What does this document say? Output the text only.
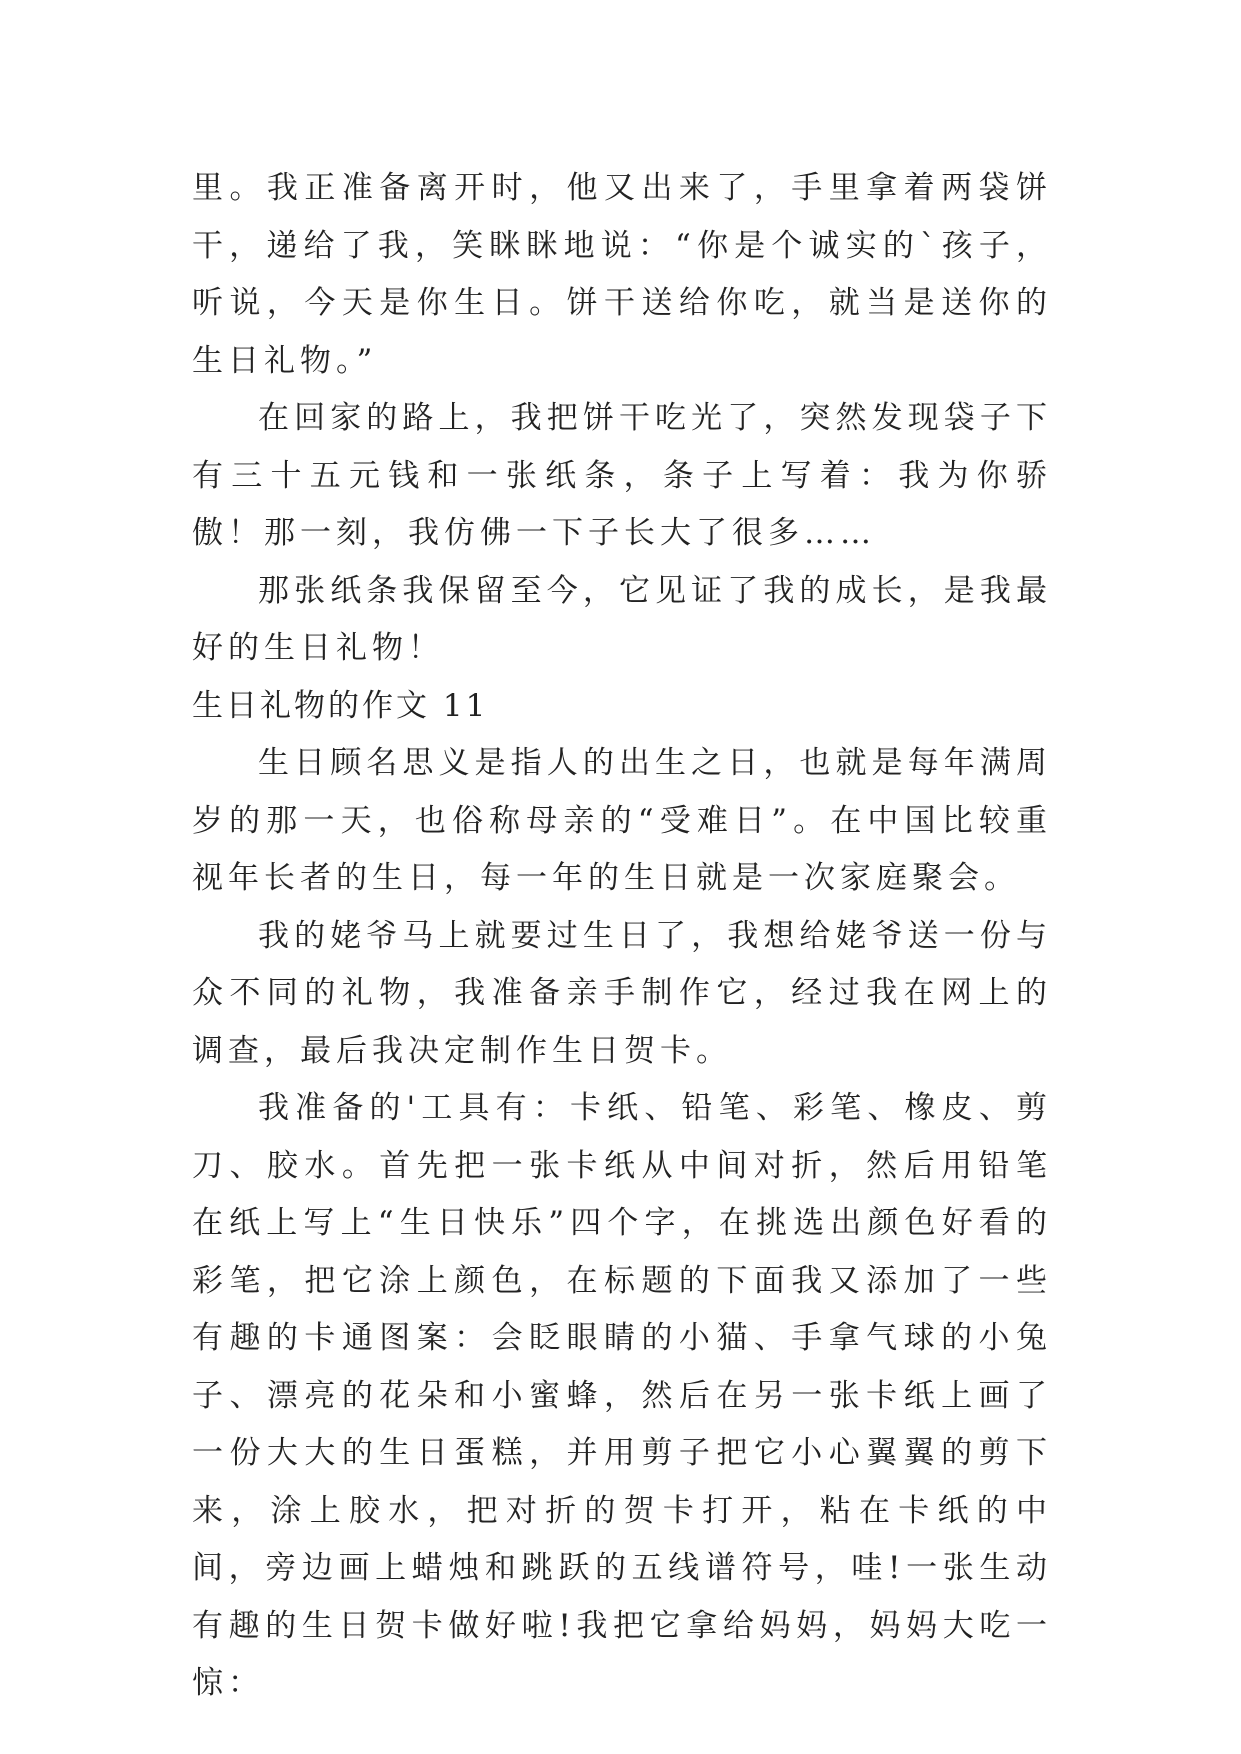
里。我正准备离开时，他又出来了，手里拿着两袋饼干，递给了我，笑眯眯地说：“你是个诚实的`孩子，听说，今天是你生日。饼干送给你吃，就当是送你的生日礼物。”

在回家的路上，我把饼干吃光了，突然发现袋子下有三十五元钱和一张纸条，条子上写着：我为你骄傲！那一刻，我仿佛一下子长大了很多……

那张纸条我保留至今，它见证了我的成长，是我最好的生日礼物！

生日礼物的作文 11

生日顾名思义是指人的出生之日，也就是每年满周岁的那一天，也俗称母亲的“受难日”。在中国比较重视年长者的生日，每一年的生日就是一次家庭聚会。

我的姥爷马上就要过生日了，我想给姥爷送一份与众不同的礼物，我准备亲手制作它，经过我在网上的调查，最后我决定制作生日贺卡。

我准备的'工具有：卡纸、铅笔、彩笔、橡皮、剪刀、胶水。首先把一张卡纸从中间对折，然后用铅笔在纸上写上“生日快乐”四个字，在挑选出颜色好看的彩笔，把它涂上颜色，在标题的下面我又添加了一些有趣的卡通图案：会眨眼睛的小猫、手拿气球的小兔子、漂亮的花朵和小蜜蜂，然后在另一张卡纸上画了一份大大的生日蛋糕，并用剪子把它小心翼翼的剪下来，涂上胶水，把对折的贺卡打开，粘在卡纸的中间，旁边画上蜡烛和跳跃的五线谱符号，哇!一张生动有趣的生日贺卡做好啦!我把它拿给妈妈，妈妈大吃一惊：
